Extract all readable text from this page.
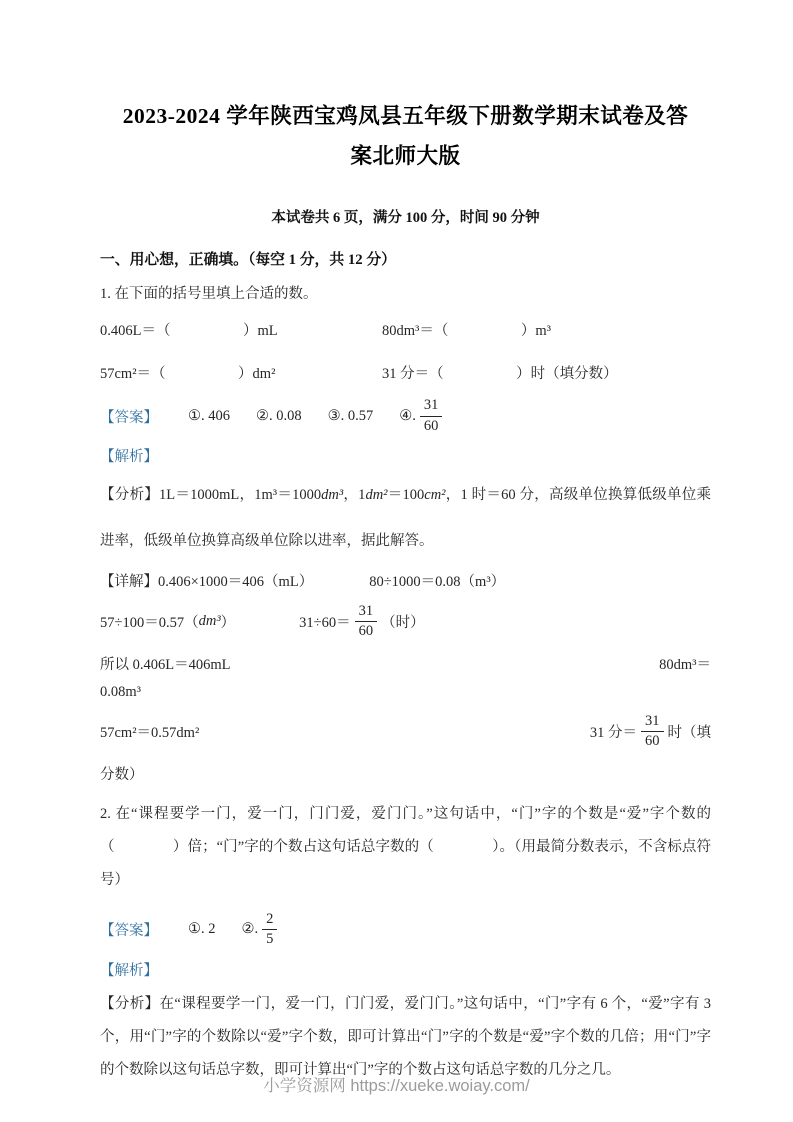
2023-2024 学年陕西宝鸡凤县五年级下册数学期末试卷及答
案北师大版

本试卷共 6 页，满分 100 分，时间 90 分钟

一、用心想，正确填。（每空 1 分，共 12 分）

1. 在下面的括号里填上合适的数。

0.406L＝（　　　　　）mL	80dm³＝（　　　　　）m³
57cm²＝（　　　　　）dm²	31 分＝（　　　　　）时（填分数）
【答案】 ①. 406 ②. 0.08 ③. 0.57 ④. $\frac{31}{60}$

【解析】

【分析】1L＝1000mL，1m³＝1000dm³，1dm²＝100cm²，1 时＝60 分，高级单位换算低级单位乘进率，低级单位换算高级单位除以进率，据此解答。

【详解】0.406×1000＝406（mL）	80÷1000＝0.08（m³）
57÷100＝0.57（ dm³ ）	$31\div 60= \frac{31}{60}$ （时）
所以 0.406L＝406mL	80dm³＝
0.08m³
57cm²＝0.57dm²	31 分＝ $\frac{31}{60}$ 时（填
分数）

2. 在“课程要学一门，爱一门，门门爱，爱门门。”这句话中，“门”字的个数是“爱”字个数的（　　　　）倍；“门”字的个数占这句话总字数的（　　　　）。（用最简分数表示，不含标点符号）

【答案】 ①. 2 ②. $\frac{2}{5}$

【解析】

【分析】在“课程要学一门，爱一门，门门爱，爱门门。”这句话中，“门”字有 6 个，“爱”字有 3 个，用“门”字的个数除以“爱”字个数，即可计算出“门”字的个数是“爱”字个数的几倍；用“门”字的个数除以这句话总字数，即可计算出“门”字的个数占这句话总字数的几分之几。

小学资源网 https://xueke.woiay.com/
